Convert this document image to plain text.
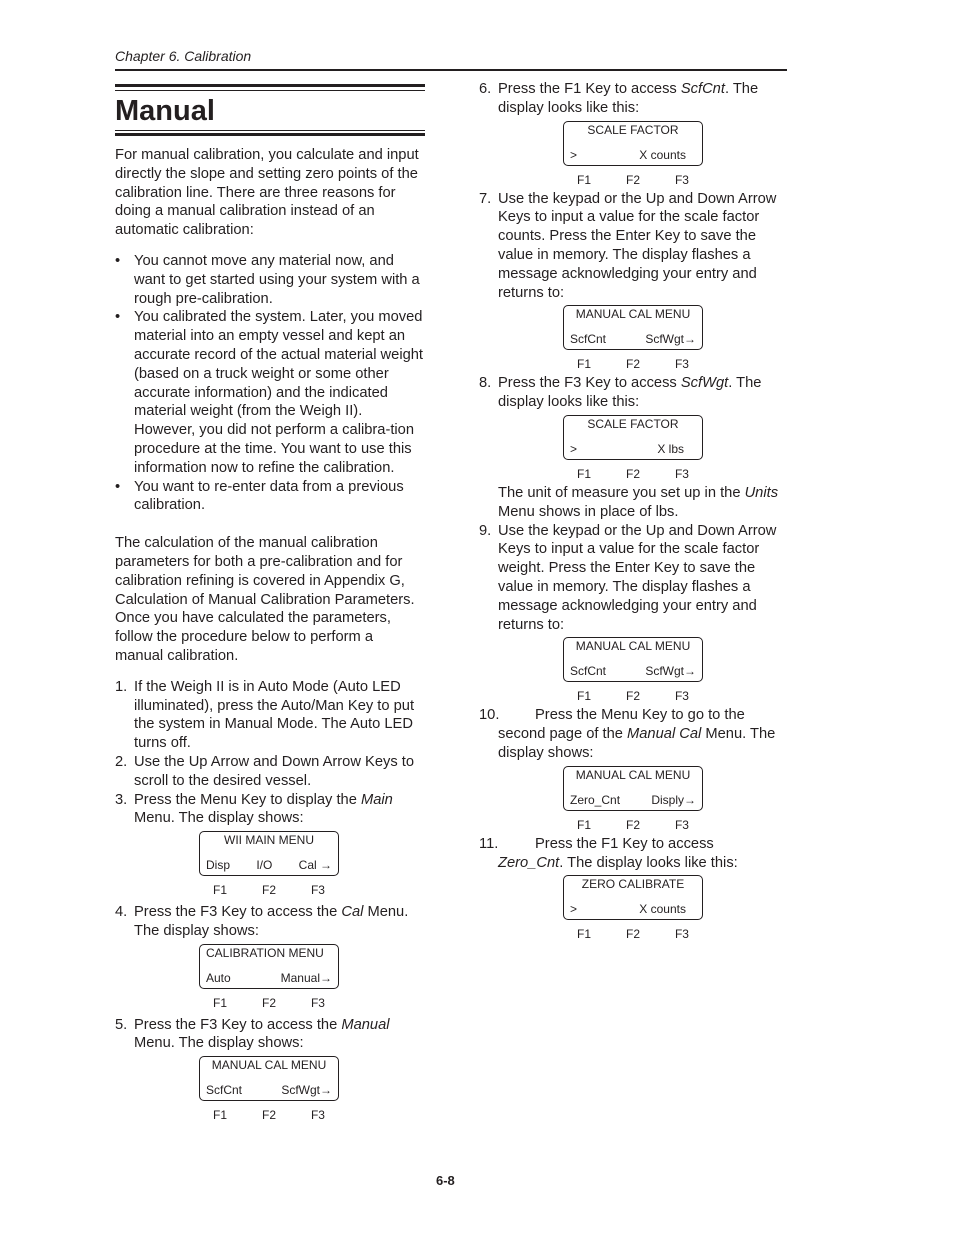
Chapter 6. Calibration
Manual

For manual calibration, you calculate and input directly the slope and setting zero points of the calibration line. There are three reasons for doing a manual calibration instead of an automatic calibration:

• You cannot move any material now, and want to get started using your system with a rough pre-calibration.
• You calibrated the system. Later, you moved material into an empty vessel and kept an accurate record of the actual material weight (based on a truck weight or some other accurate information) and the indicated material weight (from the Weigh II). However, you did not perform a calibra-tion procedure at the time. You want to use this information now to refine the calibration.
• You want to re-enter data from a previous calibration.

The calculation of the manual calibration parameters for both a pre-calibration and for calibration refining is covered in Appendix G, Calculation of Manual Calibration Parameters. Once you have calculated the parameters, follow the procedure below to perform a manual calibration.

1. If the Weigh II is in Auto Mode (Auto LED illuminated), press the Auto/Man Key to put the system in Manual Mode. The Auto LED turns off.
2. Use the Up Arrow and Down Arrow Keys to scroll to the desired vessel.
3. Press the Menu Key to display the Main Menu. The display shows:
WII MAIN MENU
Disp I/O Cal →
F1	F2	F3
4. Press the F3 Key to access the Cal Menu. The display shows:
CALIBRATION MENU
Auto	Manual→
F1	F2	F3
5. Press the F3 Key to access the Manual Menu. The display shows:
MANUAL CAL MENU
ScfCnt	ScfWgt→
F1	F2	F3
6. Press the F1 Key to access ScfCnt. The display looks like this:
SCALE FACTOR
>	X counts
F1	F2	F3
7. Use the keypad or the Up and Down Arrow Keys to input a value for the scale factor counts. Press the Enter Key to save the value in memory. The display flashes a message acknowledging your entry and returns to:
MANUAL CAL MENU
ScfCnt	ScfWgt→
F1	F2	F3
8. Press the F3 Key to access ScfWgt. The display looks like this:
SCALE FACTOR
>	X lbs
F1	F2	F3
The unit of measure you set up in the Units Menu shows in place of lbs.
9. Use the keypad or the Up and Down Arrow Keys to input a value for the scale factor weight. Press the Enter Key to save the value in memory. The display flashes a message acknowledging your entry and returns to:
MANUAL CAL MENU
ScfCnt	ScfWgt→
F1	F2	F3
10. Press the Menu Key to go to the second page of the Manual Cal Menu. The display shows:
MANUAL CAL MENU
Zero_Cnt	Disply→
F1	F2	F3
11. Press the F1 Key to access
Zero_Cnt. The display looks like this:
ZERO CALIBRATE
>	X counts
F1	F2	F3
6-8
